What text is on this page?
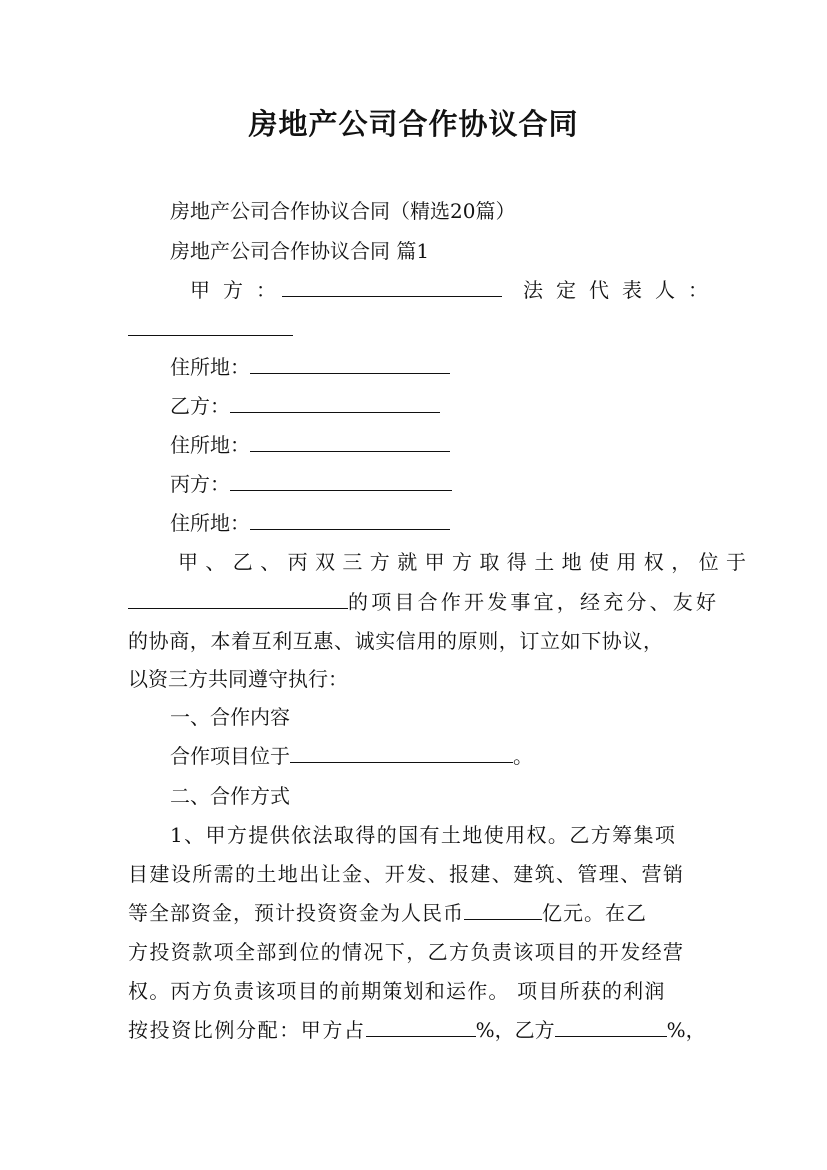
房地产公司合作协议合同
房地产公司合作协议合同（精选20篇）
房地产公司合作协议合同 篇1
甲方：	法定代表人：
住所地：
乙方：
住所地：
丙方：
住所地：
甲、乙、丙双三方就甲方取得土地使用权，位于
的项目合作开发事宜，经充分、友好
的协商，本着互利互惠、诚实信用的原则，订立如下协议，
以资三方共同遵守执行：
一、合作内容
合作项目位于	。
二、合作方式
1、甲方提供依法取得的国有土地使用权。乙方筹集项
目建设所需的土地出让金、开发、报建、建筑、管理、营销
等全部资金，预计投资资金为人民币	亿元。在乙
方投资款项全部到位的情况下，乙方负责该项目的开发经营
权。丙方负责该项目的前期策划和运作。 项目所获的利润
按投资比例分配：甲方占	%，乙方	%，
